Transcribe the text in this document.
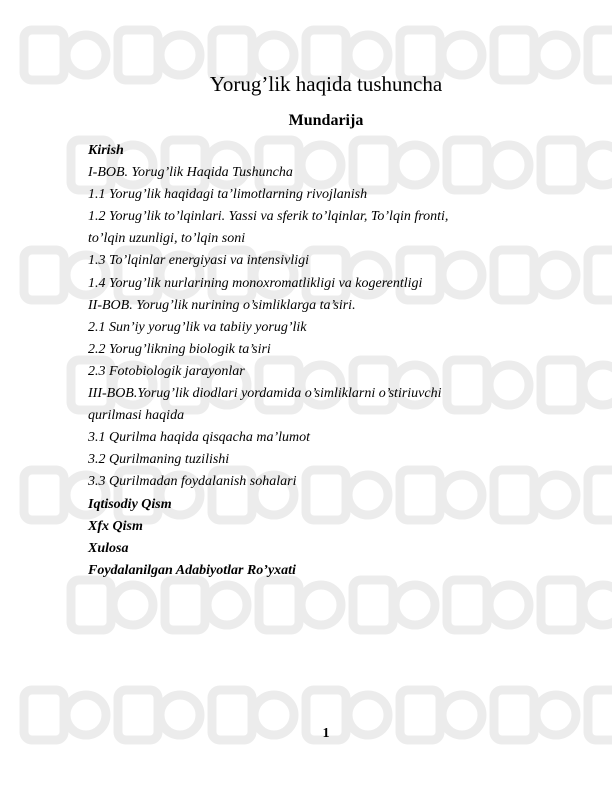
Yorug’lik haqida tushuncha
Mundarija
Kirish
I-BOB. Yorug’lik Haqida Tushuncha
1.1 Yorug’lik haqidagi ta’limotlarning rivojlanish
1.2 Yorug’lik to’lqinlari. Yassi va sferik to’lqinlar, To’lqin fronti,
to’lqin uzunligi, to’lqin soni
1.3 To’lqinlar energiyasi va intensivligi
1.4 Yorug’lik nurlarining monoxromatlikligi va kogerentligi
II-BOB. Yorug’lik nurining o’simliklarga ta’siri.
2.1 Sun’iy yorug’lik va tabiiy yorug’lik
2.2 Yorug’likning biologik ta’siri
2.3 Fotobiologik jarayonlar
III-BOB.Yorug’lik diodlari yordamida o’simliklarni o’stiriuvchi
qurilmasi haqida
3.1 Qurilma haqida qisqacha ma’lumot
3.2 Qurilmaning tuzilishi
3.3 Qurilmadan foydalanish sohalari
Iqtisodiy Qism
Xfx Qism
Xulosa
Foydalanilgan Adabiyotlar Ro’yxati
1
